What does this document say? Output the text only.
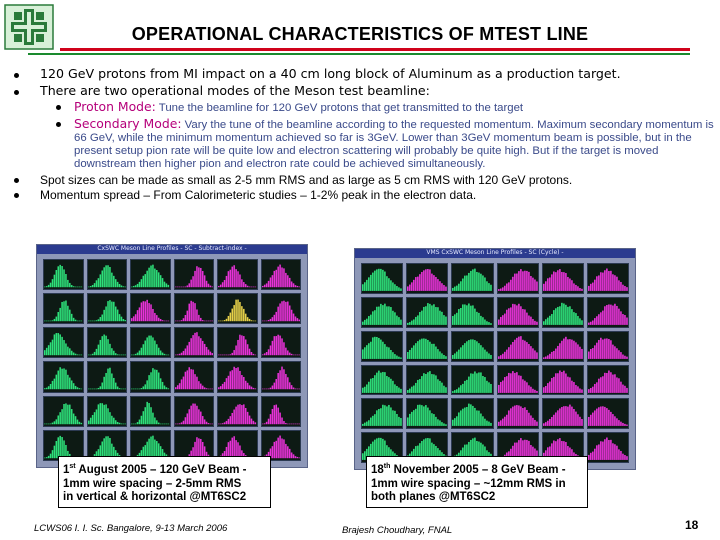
OPERATIONAL CHARACTERISTICS OF MTEST LINE
120 GeV protons from MI impact on a 40 cm long block of Aluminum as a production target.
There are two operational modes of the Meson test beamline:
Proton Mode: Tune the beamline for 120 GeV protons that get transmitted to the target
Secondary Mode: Vary the tune of the beamline according to the requested momentum. Maximum secondary momentum is 66 GeV, while the minimum momentum achieved so far is 3GeV. Lower than 3GeV momentum beam is possible, but in the present setup pion rate will be quite low and electron scattering will probably be quite high. But if the target is moved downstream then higher pion and electron rate could be achieved simultaneously.
Spot sizes can be made as small as 2-5 mm RMS and as large as 5 cm RMS with 120 GeV protons.
Momentum spread – From Calorimeteric studies – 1-2% peak in the electron data.
CxSWC Meson Line Profiles - SC - Subtract-index -
VMS CxSWC Meson Line Profiles - SC (Cycle) -
1st August 2005 – 120 GeV Beam -
1mm wire spacing – 2-5mm RMS
in vertical & horizontal @MT6SC2
18th November 2005 – 8 GeV Beam -
1mm wire spacing – ~12mm RMS in
both planes @MT6SC2
LCWS06 I. I. Sc. Bangalore, 9-13 March 2006	Brajesh Choudhary, FNAL	18
